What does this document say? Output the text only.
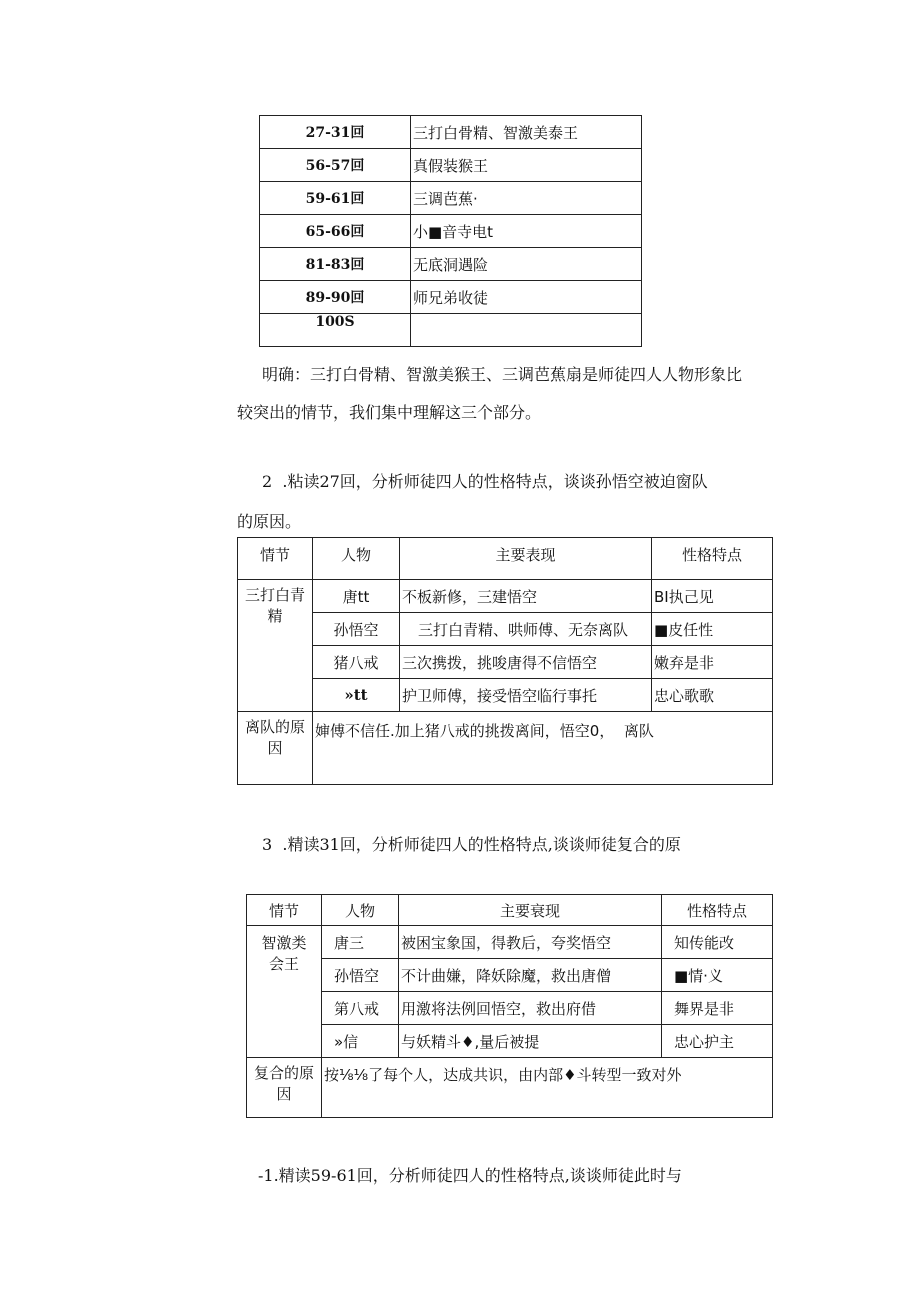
27-31回	三打白骨精、智激美泰王
56-57回	真假装猴王
59-61回	三调芭蕉·
65-66回	小■音寺电t
81-83回	无底洞遇险
89-90回	师兄弟收徒
100S	

明确：三打白骨精、智激美猴王、三调芭蕉扇是师徒四人人物形象比

较突出的情节，我们集中理解这三个部分。

2  .粘读27回，分析师徒四人的性格特点，谈谈孙悟空被迫窗队

的原因。

情节	人物	主要表现	性格特点
三打白青精	唐tt	不板新修，三建悟空	BI执己见
	孙悟空	三打白青精、哄师傅、无奈离队	■皮任性
	猪八戒	三次携拨，挑唆唐得不信悟空	嫩弃是非
	»tt	护卫师傅，接受悟空临行事托	忠心歌歌
离队的原因	婶傅不信任.加上猪八戒的挑拨离间，悟空0，  离队		

3  .精读31回，分析师徒四人的性格特点,谈谈师徒复合的原

情节	人物	主要衰现	性格特点
智激类会王	唐三	被困宝象国，得教后，夸奖悟空	知传能改
	孙悟空	不计曲嫌，降妖除魔，救出唐僧	■情·义
	第八戒	用激将法例回悟空，救出府借	舞界是非
	»信	与妖精斗♦,量后被提	忠心护主
复合的原因	按⅛⅛了每个人，达成共识，由内部♦斗转型一致对外		

-1.精读59-61回，分析师徒四人的性格特点,谈谈师徒此时与
